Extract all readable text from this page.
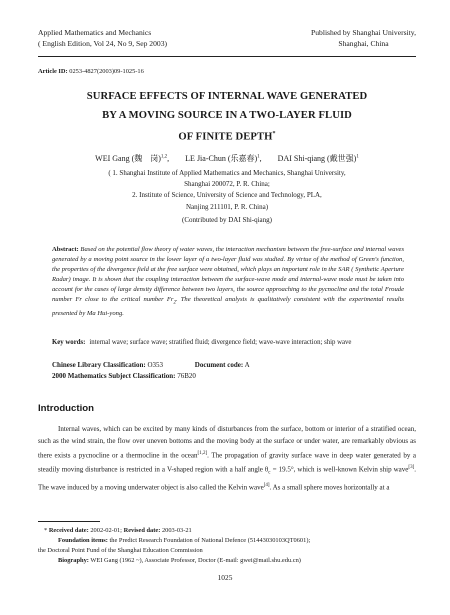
Applied Mathematics and Mechanics
( English Edition, Vol 24, No 9, Sep 2003)
Published by Shanghai University,
Shanghai, China
Article ID: 0253-4827(2003)09-1025-16
SURFACE EFFECTS OF INTERNAL WAVE GENERATED
BY A MOVING SOURCE IN A TWO-LAYER FLUID
OF FINITE DEPTH*
WEI Gang (魏　岗)$^{1,2}$, LE Jia-Chun (乐嘉春)$^1$, DAI Shi-qiang (戴世强)$^1$
( 1. Shanghai Institute of Applied Mathematics and Mechanics, Shanghai University,
Shanghai 200072, P. R. China;
2. Institute of Science, University of Science and Technology, PLA,
Nanjing 211101, P. R. China)
(Contributed by DAI Shi-qiang)
Abstract: Based on the potential flow theory of water waves, the interaction mechanism between the free-surface and internal waves generated by a moving point source in the lower layer of a two-layer fluid was studied. By virtue of the method of Green's function, the properties of the divergence field at the free surface were obtained, which plays an important role in the SAR ( Synthetic Aperture Radar) image. It is shown that the coupling interaction between the surface-wave mode and internal-wave mode must be taken into account for the cases of large density difference between two layers, the source approaching to the pycnocline and the total Froude number Fr close to the critical number $Fr_2$. The theoretical analysis is qualitatively consistent with the experimental results presented by Ma Hui-yong.
Key words: internal wave; surface wave; stratified fluid; divergence field; wave-wave interaction; ship wave
Chinese Library Classification: O353	Document code: A
2000 Mathematics Subject Classification: 76B20
Introduction
Internal waves, which can be excited by many kinds of disturbances from the surface, bottom or interior of a stratified ocean, such as the wind strain, the flow over uneven bottoms and the moving body at the surface or under water, are remarkably obvious as there exists a pycnocline or a thermocline in the ocean[1,2]. The propagation of gravity surface wave in deep water generated by a steadily moving disturbance is restricted in a V-shaped region with a half angle $\theta_c = 19.5^\circ$, which is well-known Kelvin ship wave[3]. The wave induced by a moving underwater object is also called the Kelvin wave[4]. As a small sphere moves horizontally at a
* Received date: 2002-02-01; Revised date: 2003-03-21
Foundation items: the Predict Research Foundation of National Defence (51443030103QT0601);
the Doctoral Point Fund of the Shanghai Education Commission
Biography: WEI Gang (1962 ~), Associate Professor, Doctor (E-mail: gwei@mail.shu.edu.cn)
1025
